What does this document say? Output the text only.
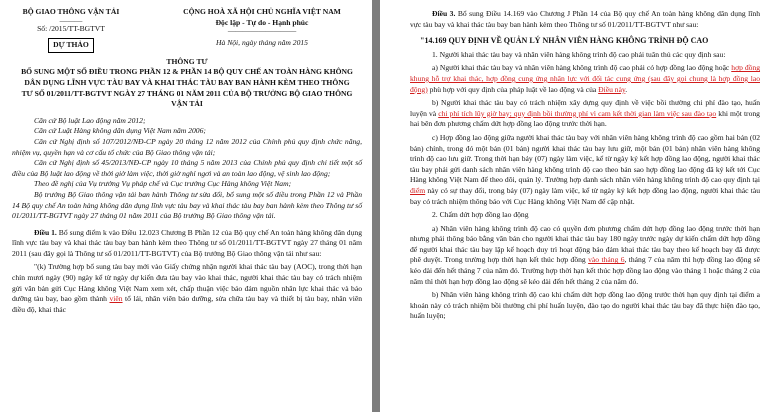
BỘ GIAO THÔNG VẬN TẢI
———
Số: /2015/TT-BGTVT
DỰ THẢO
CỘNG HOÀ XÃ HỘI CHỦ NGHĨA VIỆT NAM
Độc lập - Tự do - Hạnh phúc
—————————
Hà Nội, ngày tháng năm 2015
THÔNG TƯ
BỔ SUNG MỘT SỐ ĐIỀU TRONG PHẦN 12 & PHẦN 14 BỘ QUY CHẾ AN TOÀN HÀNG KHÔNG DÂN DỤNG LĨNH VỰC TÀU BAY VÀ KHAI THÁC TÀU BAY BAN HÀNH KÈM THEO THÔNG TƯ SỐ 01/2011/TT-BGTVT NGÀY 27 THÁNG 01 NĂM 2011 CỦA BỘ TRƯỞNG BỘ GIAO THÔNG VẬN TẢI

Căn cứ Bộ luật Lao động năm 2012;

Căn cứ Luật Hàng không dân dụng Việt Nam năm 2006;

Căn cứ Nghị định số 107/2012/NĐ-CP ngày 20 tháng 12 năm 2012 của Chính phủ quy định chức năng, nhiệm vụ, quyền hạn và cơ cấu tổ chức của Bộ Giao thông vận tải;

Căn cứ Nghị định số 45/2013/NĐ-CP ngày 10 tháng 5 năm 2013 của Chính phủ quy định chi tiết một số điều của Bộ luật lao động về thời giờ làm việc, thời giờ nghỉ ngơi và an toàn lao động, vệ sinh lao động;

Theo đề nghị của Vụ trưởng Vụ pháp chế và Cục trưởng Cục Hàng không Việt Nam;

Bộ trưởng Bộ Giao thông vận tải ban hành Thông tư sửa đổi, bổ sung một số điều trong Phần 12 và Phần 14 Bộ quy chế An toàn hàng không dân dụng lĩnh vực tàu bay và khai thác tàu bay ban hành kèm theo Thông tư số 01/2011/TT-BGTVT ngày 27 tháng 01 năm 2011 của Bộ trưởng Bộ Giao thông vận tải.

Điều 1. Bổ sung điểm k vào Điều 12.023 Chương B Phần 12 của Bộ quy chế An toàn hàng không dân dụng lĩnh vực tàu bay và khai thác tàu bay ban hành kèm theo Thông tư số 01/2011/TT-BGTVT ngày 27 tháng 01 năm 2011 (sau đây gọi là Thông tư số 01/2011/TT-BGTVT) của Bộ trưởng Bộ Giao thông vận tải như sau:

"(k) Trường hợp bổ sung tàu bay mới vào Giấy chứng nhận người khai thác tàu bay (AOC), trong thời hạn chín mươi ngày (90) ngày kể từ ngày dự kiến đưa tàu bay vào khai thác, người khai thác tàu bay có trách nhiệm gửi văn bản gửi Cục Hàng không Việt Nam xem xét, chấp thuận việc bảo đảm nguồn nhân lực khai thác và bảo dưỡng tàu bay, bao gồm thành viên tổ lái, nhân viên bảo dưỡng, sửa chữa tàu bay và thiết bị tàu bay, nhân viên điều độ, khai thác

Điều 3. Bổ sung Điều 14.169 vào Chương J Phần 14 của Bộ quy chế An toàn hàng không dân dụng lĩnh vực tàu bay và khai thác tàu bay ban hành kèm theo Thông tư số 01/2011/TT-BGTVT như sau:

"14.169 QUY ĐỊNH VỀ QUẢN LÝ NHÂN VIÊN HÀNG KHÔNG TRÌNH ĐỘ CAO

1. Người khai thác tàu bay và nhân viên hàng không trình độ cao phải tuân thủ các quy định sau:

a) Người khai thác tàu bay và nhân viên hàng không trình độ cao phải có hợp đồng lao động hoặc hợp đồng khung hỗ trợ khai thác, hợp đồng cung ứng nhân lực với đối tác cung ứng (sau đây gọi chung là hợp đồng lao động) phù hợp với quy định của pháp luật về lao động và của Điều này.

b) Người khai thác tàu bay có trách nhiệm xây dựng quy định về việc bồi thường chi phí đào tạo, huấn luyện và chi phí tích lũy giờ bay; quy định bồi thường phí vì cam kết thời gian làm việc sau đào tạo khi một trong hai bên đơn phương chấm dứt hợp đồng lao động trước thời hạn.

c) Hợp đồng lao động giữa người khai thác tàu bay với nhân viên hàng không trình độ cao gồm hai bản (02 bản) chính, trong đó một bản (01 bản) người khai thác tàu bay lưu giữ, một bản (01 bản) nhân viên hàng không trình độ cao lưu giữ. Trong thời hạn bảy (07) ngày làm việc, kể từ ngày ký kết hợp đồng lao động, người khai thác tàu bay phải gửi danh sách nhân viên hàng không trình độ cao theo bản sao hợp đồng lao động đã ký kết tới Cục Hàng không Việt Nam để theo dõi, quản lý. Trường hợp danh sách nhân viên hàng không trình độ cao quy định tại điểm này có sự thay đổi, trong bảy (07) ngày làm việc, kể từ ngày ký kết hợp đồng lao động, người khai thác tàu bay có trách nhiệm thông báo với Cục Hàng không Việt Nam để cập nhật.

2. Chấm dứt hợp đồng lao động

a) Nhân viên hàng không trình độ cao có quyền đơn phương chấm dứt hợp đồng lao động trước thời hạn nhưng phải thông báo bằng văn bản cho người khai thác tàu bay 180 ngày trước ngày dự kiến chấm dứt hợp đồng để người khai thác tàu bay lập kế hoạch duy trì hoạt động bảo đảm khai thác tàu bay theo kế hoạch bay đã được phê duyệt. Trong trường hợp thời hạn kết thúc hợp đồng vào tháng 6, tháng 7 của năm thì hợp đồng lao động sẽ kéo dài đến hết tháng 7 của năm đó. Trường hợp thời hạn kết thúc hợp đồng lao động vào tháng 1 hoặc tháng 2 của năm thì thời hạn hợp đồng lao động sẽ kéo dài đến hết tháng 2 của năm đó.

b) Nhân viên hàng không trình độ cao khi chấm dứt hợp đồng lao động trước thời hạn quy định tại điểm a khoản này có trách nhiệm bồi thường chi phí huấn luyện, đào tạo do người khai thác tàu bay đã thực hiện đào tạo, huấn luyện;
